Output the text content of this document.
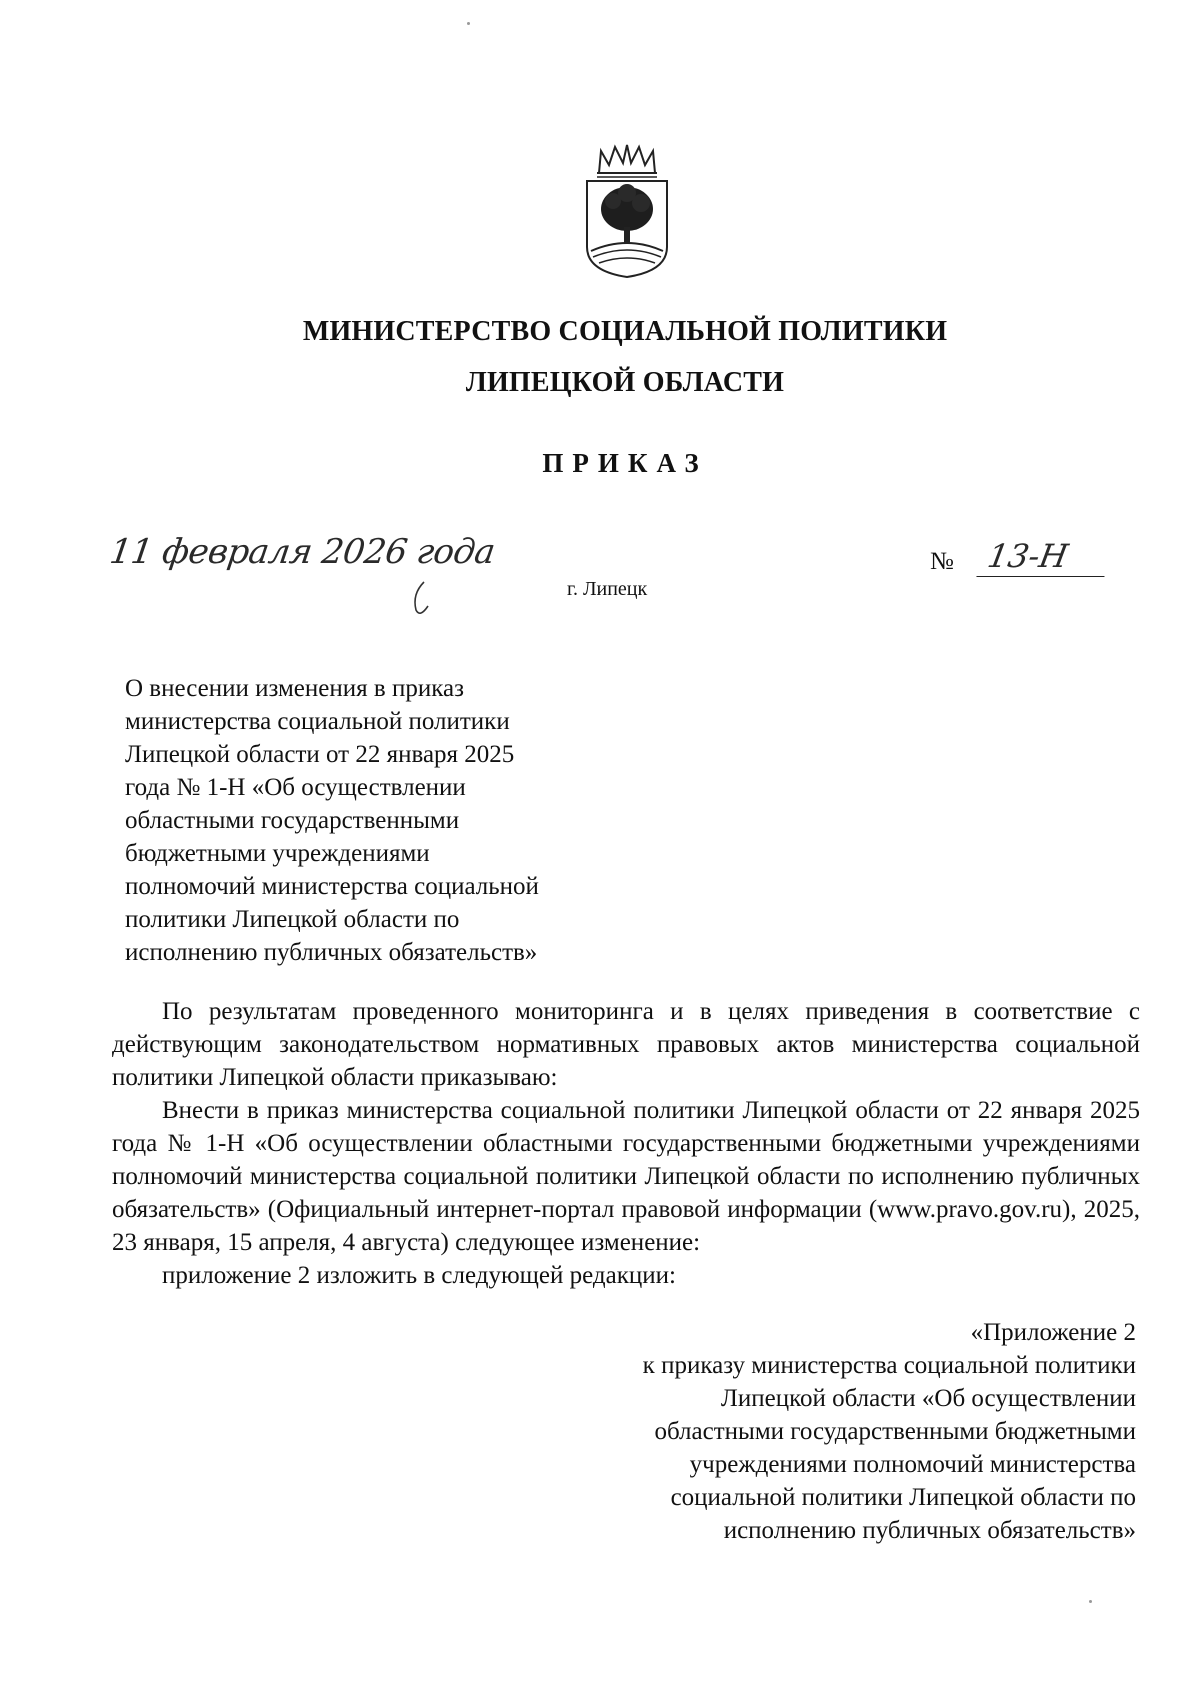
МИНИСТЕРСТВО СОЦИАЛЬНОЙ ПОЛИТИКИ
ЛИПЕЦКОЙ ОБЛАСТИ
ПРИКАЗ
11 февраля 2026 года
г. Липецк
№ 13-Н
О внесении изменения в приказ
министерства социальной политики
Липецкой области от 22 января 2025
года № 1-Н «Об осуществлении
областными государственными
бюджетными учреждениями
полномочий министерства социальной
политики Липецкой области по
исполнению публичных обязательств»

По результатам проведенного мониторинга и в целях приведения в соответствие с действующим законодательством нормативных правовых актов министерства социальной политики Липецкой области приказываю:

Внести в приказ министерства социальной политики Липецкой области от 22 января 2025 года № 1-Н «Об осуществлении областными государственными бюджетными учреждениями полномочий министерства социальной политики Липецкой области по исполнению публичных обязательств» (Официальный интернет-портал правовой информации (www.pravo.gov.ru), 2025, 23 января, 15 апреля, 4 августа) следующее изменение:

приложение 2 изложить в следующей редакции:

«Приложение 2
к приказу министерства социальной политики
Липецкой области «Об осуществлении
областными государственными бюджетными
учреждениями полномочий министерства
социальной политики Липецкой области по
исполнению публичных обязательств»
